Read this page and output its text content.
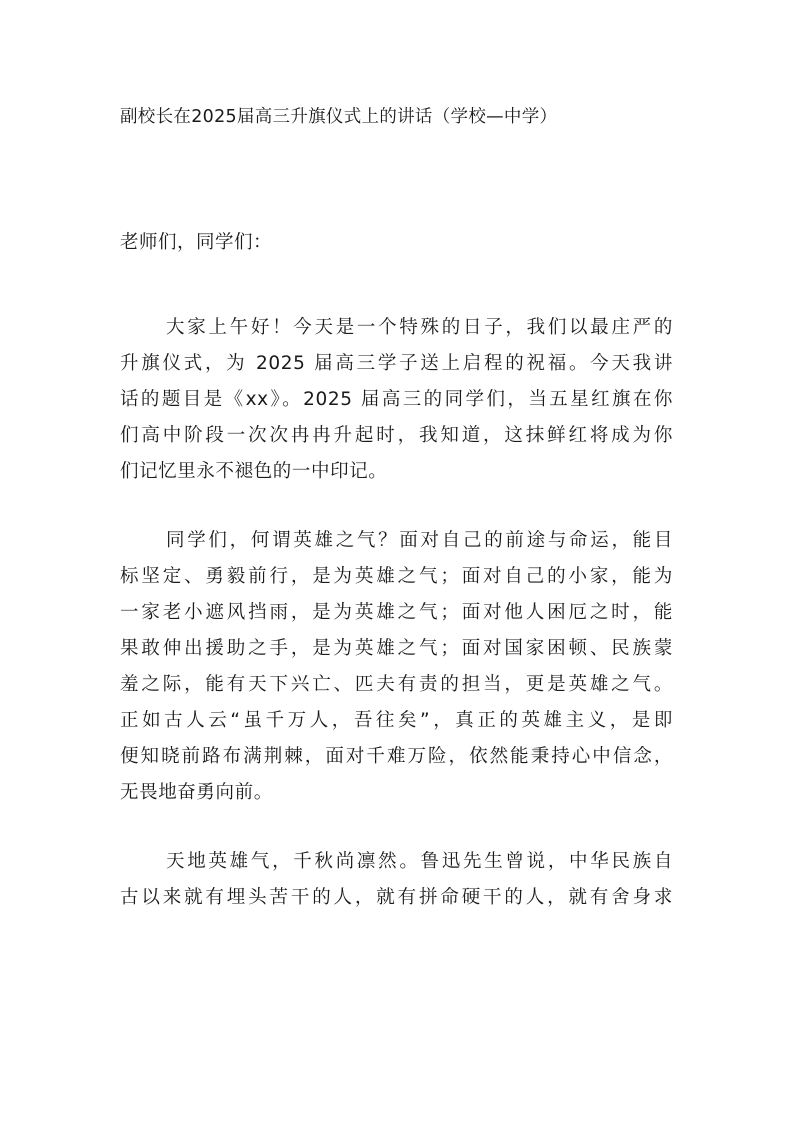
副校长在2025届高三升旗仪式上的讲话（学校—中学）
老师们，同学们：
大家上午好！今天是一个特殊的日子，我们以最庄严的
升旗仪式，为 2025 届高三学子送上启程的祝福。今天我讲
话的题目是《xx》。2025 届高三的同学们，当五星红旗在你
们高中阶段一次次冉冉升起时，我知道，这抹鲜红将成为你
们记忆里永不褪色的一中印记。
同学们，何谓英雄之气？面对自己的前途与命运，能目
标坚定、勇毅前行，是为英雄之气；面对自己的小家，能为
一家老小遮风挡雨，是为英雄之气；面对他人困厄之时，能
果敢伸出援助之手，是为英雄之气；面对国家困顿、民族蒙
羞之际，能有天下兴亡、匹夫有责的担当，更是英雄之气。
正如古人云“虽千万人，吾往矣”，真正的英雄主义，是即
便知晓前路布满荆棘，面对千难万险，依然能秉持心中信念，
无畏地奋勇向前。
天地英雄气，千秋尚凛然。鲁迅先生曾说，中华民族自
古以来就有埋头苦干的人，就有拼命硬干的人，就有舍身求
